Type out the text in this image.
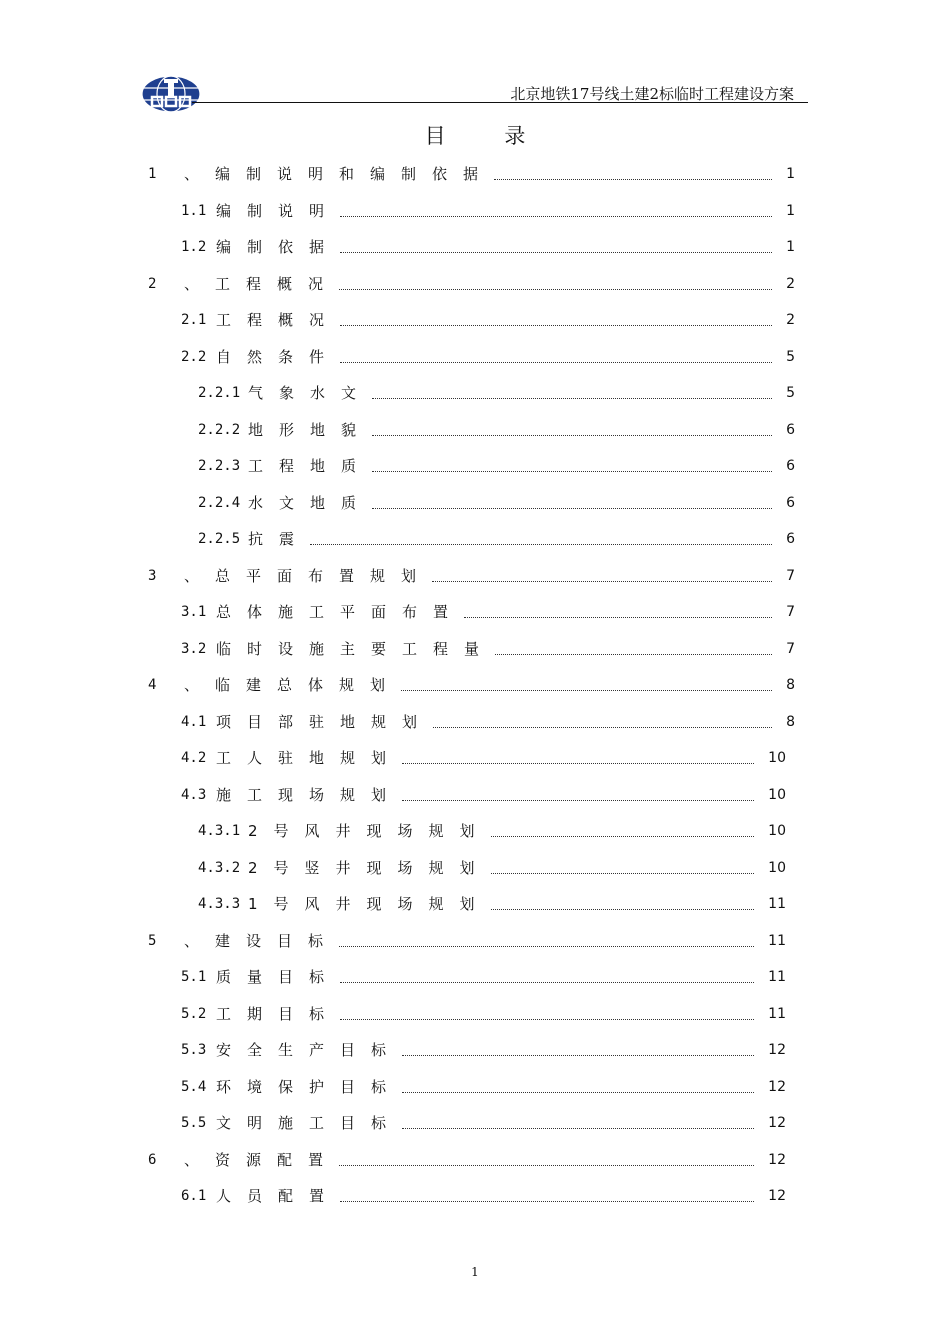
北京地铁17号线土建2标临时工程建设方案
目 录
1	、编制说明和编制依据	1
1.1 编制说明	1
1.2 编制依据	1
2	、工程概况	2
2.1 工程概况	2
2.2 自然条件	5
2.2.1 气象水文	5
2.2.2 地形地貌	6
2.2.3 工程地质	6
2.2.4 水文地质	6
2.2.5 抗震	6
3	、总平面布置规划	7
3.1 总体施工平面布置	7
3.2 临时设施主要工程量	7
4	、临建总体规划	8
4.1 项目部驻地规划	8
4.2 工人驻地规划	10
4.3 施工现场规划	10
4.3.1 2号风井现场规划	10
4.3.2 2号竖井现场规划	10
4.3.3 1号风井现场规划	11
5	、建设目标	11
5.1 质量目标	11
5.2 工期目标	11
5.3 安全生产目标	12
5.4 环境保护目标	12
5.5 文明施工目标	12
6	、资源配置	12
6.1 人员配置	12
1
